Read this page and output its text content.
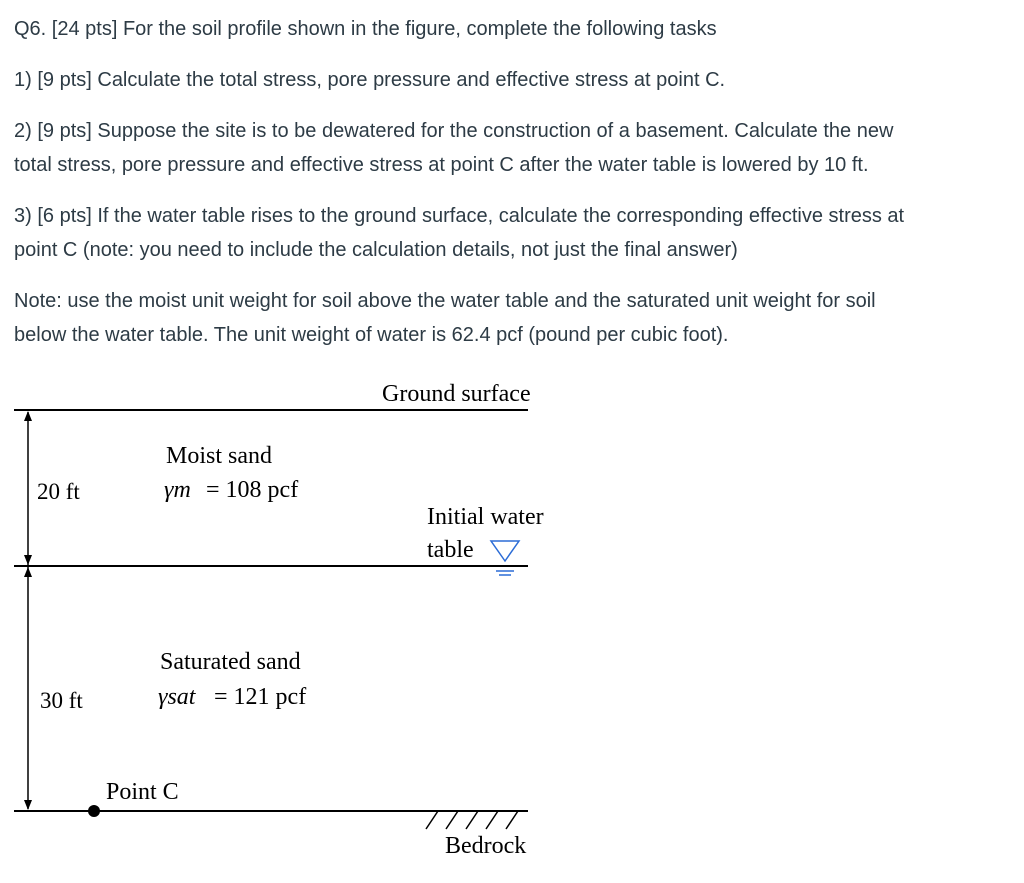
Q6. [24 pts] For the soil profile shown in the figure, complete the following tasks
1) [9 pts] Calculate the total stress, pore pressure and effective stress at point C.
2) [9 pts] Suppose the site is to be dewatered for the construction of a basement. Calculate the new
total stress, pore pressure and effective stress at point C after the water table is lowered by 10 ft.
3) [6 pts] If the water table rises to the ground surface, calculate the corresponding effective stress at
point C (note: you need to include the calculation details, not just the final answer)
Note: use the moist unit weight for soil above the water table and the saturated unit weight for soil
below the water table. The unit weight of water is 62.4 pcf (pound per cubic foot).
Ground surface
20 ft
30 ft
Moist sand
γm = 108 pcf
Initial water
table
Saturated sand
γsat = 121 pcf
Point C
Bedrock
